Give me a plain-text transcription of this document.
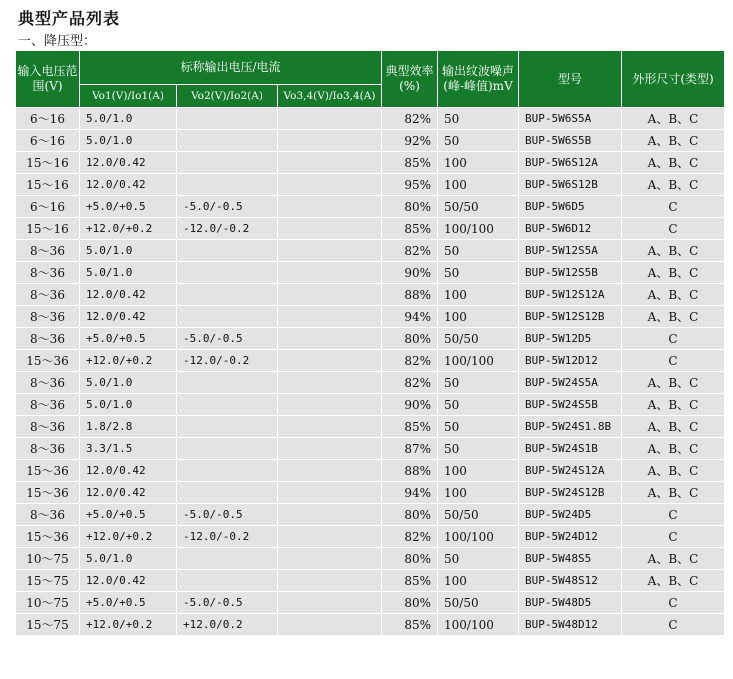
典型产品列表
一、降压型：
输入电压范围(V)	标称输出电压/电流			典型效率(%)	输出纹波噪声(峰-峰值)mV	型号	外形尺寸(类型)
	Vo1(V)/Io1(A)	Vo2(V)/Io2(A)	Vo3,4(V)/Io3,4(A)				
6～16	5.0/1.0			82%	50	BUP-5W6S5A	A、B、C
6～16	5.0/1.0			92%	50	BUP-5W6S5B	A、B、C
15～16	12.0/0.42			85%	100	BUP-5W6S12A	A、B、C
15～16	12.0/0.42			95%	100	BUP-5W6S12B	A、B、C
6～16	+5.0/+0.5	-5.0/-0.5		80%	50/50	BUP-5W6D5	C
15～16	+12.0/+0.2	-12.0/-0.2		85%	100/100	BUP-5W6D12	C
8～36	5.0/1.0			82%	50	BUP-5W12S5A	A、B、C
8～36	5.0/1.0			90%	50	BUP-5W12S5B	A、B、C
8～36	12.0/0.42			88%	100	BUP-5W12S12A	A、B、C
8～36	12.0/0.42			94%	100	BUP-5W12S12B	A、B、C
8～36	+5.0/+0.5	-5.0/-0.5		80%	50/50	BUP-5W12D5	C
15～36	+12.0/+0.2	-12.0/-0.2		82%	100/100	BUP-5W12D12	C
8～36	5.0/1.0			82%	50	BUP-5W24S5A	A、B、C
8～36	5.0/1.0			90%	50	BUP-5W24S5B	A、B、C
8～36	1.8/2.8			85%	50	BUP-5W24S1.8B	A、B、C
8～36	3.3/1.5			87%	50	BUP-5W24S1B	A、B、C
15～36	12.0/0.42			88%	100	BUP-5W24S12A	A、B、C
15～36	12.0/0.42			94%	100	BUP-5W24S12B	A、B、C
8～36	+5.0/+0.5	-5.0/-0.5		80%	50/50	BUP-5W24D5	C
15～36	+12.0/+0.2	-12.0/-0.2		82%	100/100	BUP-5W24D12	C
10～75	5.0/1.0			80%	50	BUP-5W48S5	A、B、C
15～75	12.0/0.42			85%	100	BUP-5W48S12	A、B、C
10～75	+5.0/+0.5	-5.0/-0.5		80%	50/50	BUP-5W48D5	C
15～75	+12.0/+0.2	+12.0/0.2		85%	100/100	BUP-5W48D12	C
